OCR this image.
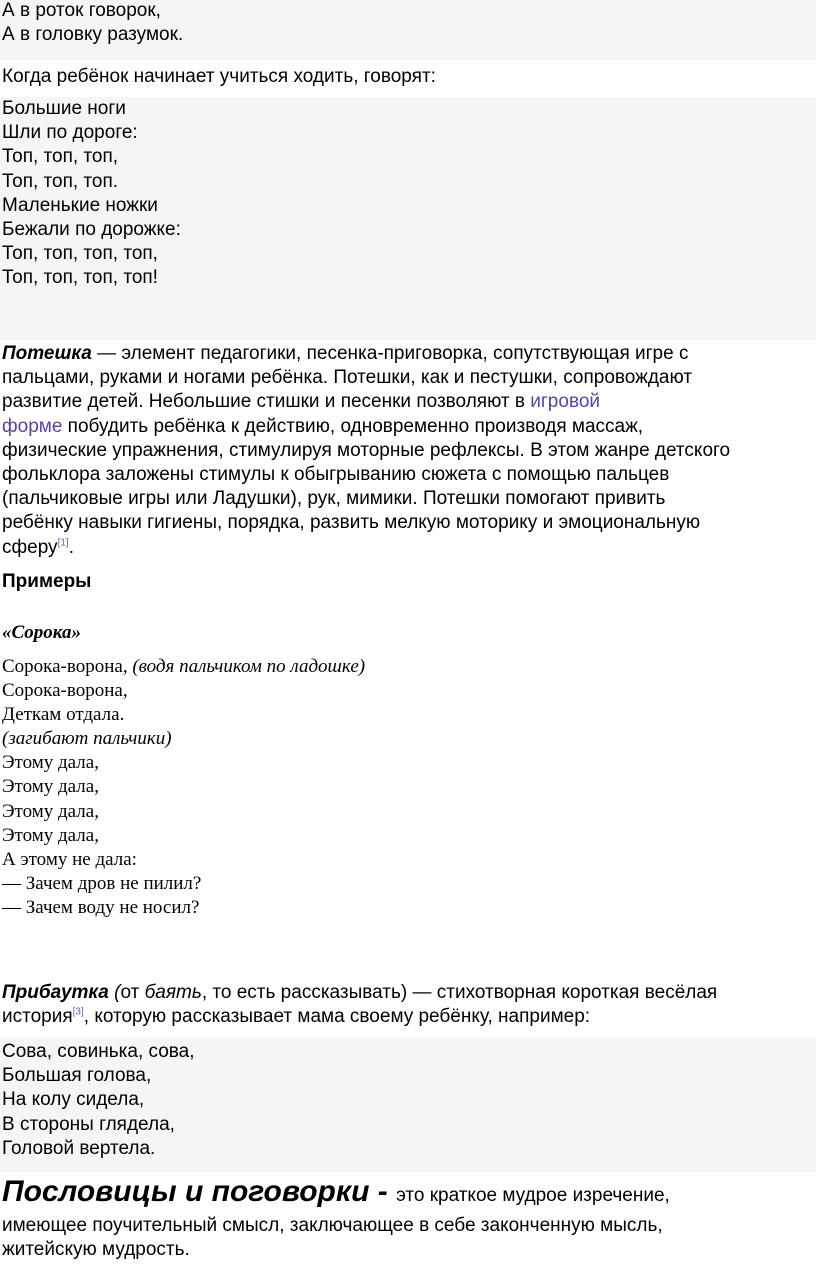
А в роток говорок,
А в головку разумок.
Когда ребёнок начинает учиться ходить, говорят:
Большие ноги
Шли по дороге:
Топ, топ, топ,
Топ, топ, топ.
Маленькие ножки
Бежали по дорожке:
Топ, топ, топ, топ,
Топ, топ, топ, топ!
Потешка — элемент педагогики, песенка-приговорка, сопутствующая игре с
пальцами, руками и ногами ребёнка. Потешки, как и пестушки, сопровождают
развитие детей. Небольшие стишки и песенки позволяют в игровой
форме побудить ребёнка к действию, одновременно производя массаж,
физические упражнения, стимулируя моторные рефлексы. В этом жанре детского
фольклора заложены стимулы к обыгрыванию сюжета с помощью пальцев
(пальчиковые игры или Ладушки), рук, мимики. Потешки помогают привить
ребёнку навыки гигиены, порядка, развить мелкую моторику и эмоциональную
сферу[1].
Примеры
«Сорока»
Сорока-ворона, (водя пальчиком по ладошке)
Сорока-ворона,
Деткам отдала.
(загибают пальчики)
Этому дала,
Этому дала,
Этому дала,
Этому дала,
А этому не дала:
— Зачем дров не пилил?
— Зачем воду не носил?
Прибаутка (от баять, то есть рассказывать) — стихотворная короткая весёлая
история[3], которую рассказывает мама своему ребёнку, например:
Сова, совинька, сова,
Большая голова,
На колу сидела,
В стороны глядела,
Головой вертела.
Пословицы и поговорки - это краткое мудрое изречение,
имеющее поучительный смысл, заключающее в себе законченную мысль,
житейскую мудрость.
